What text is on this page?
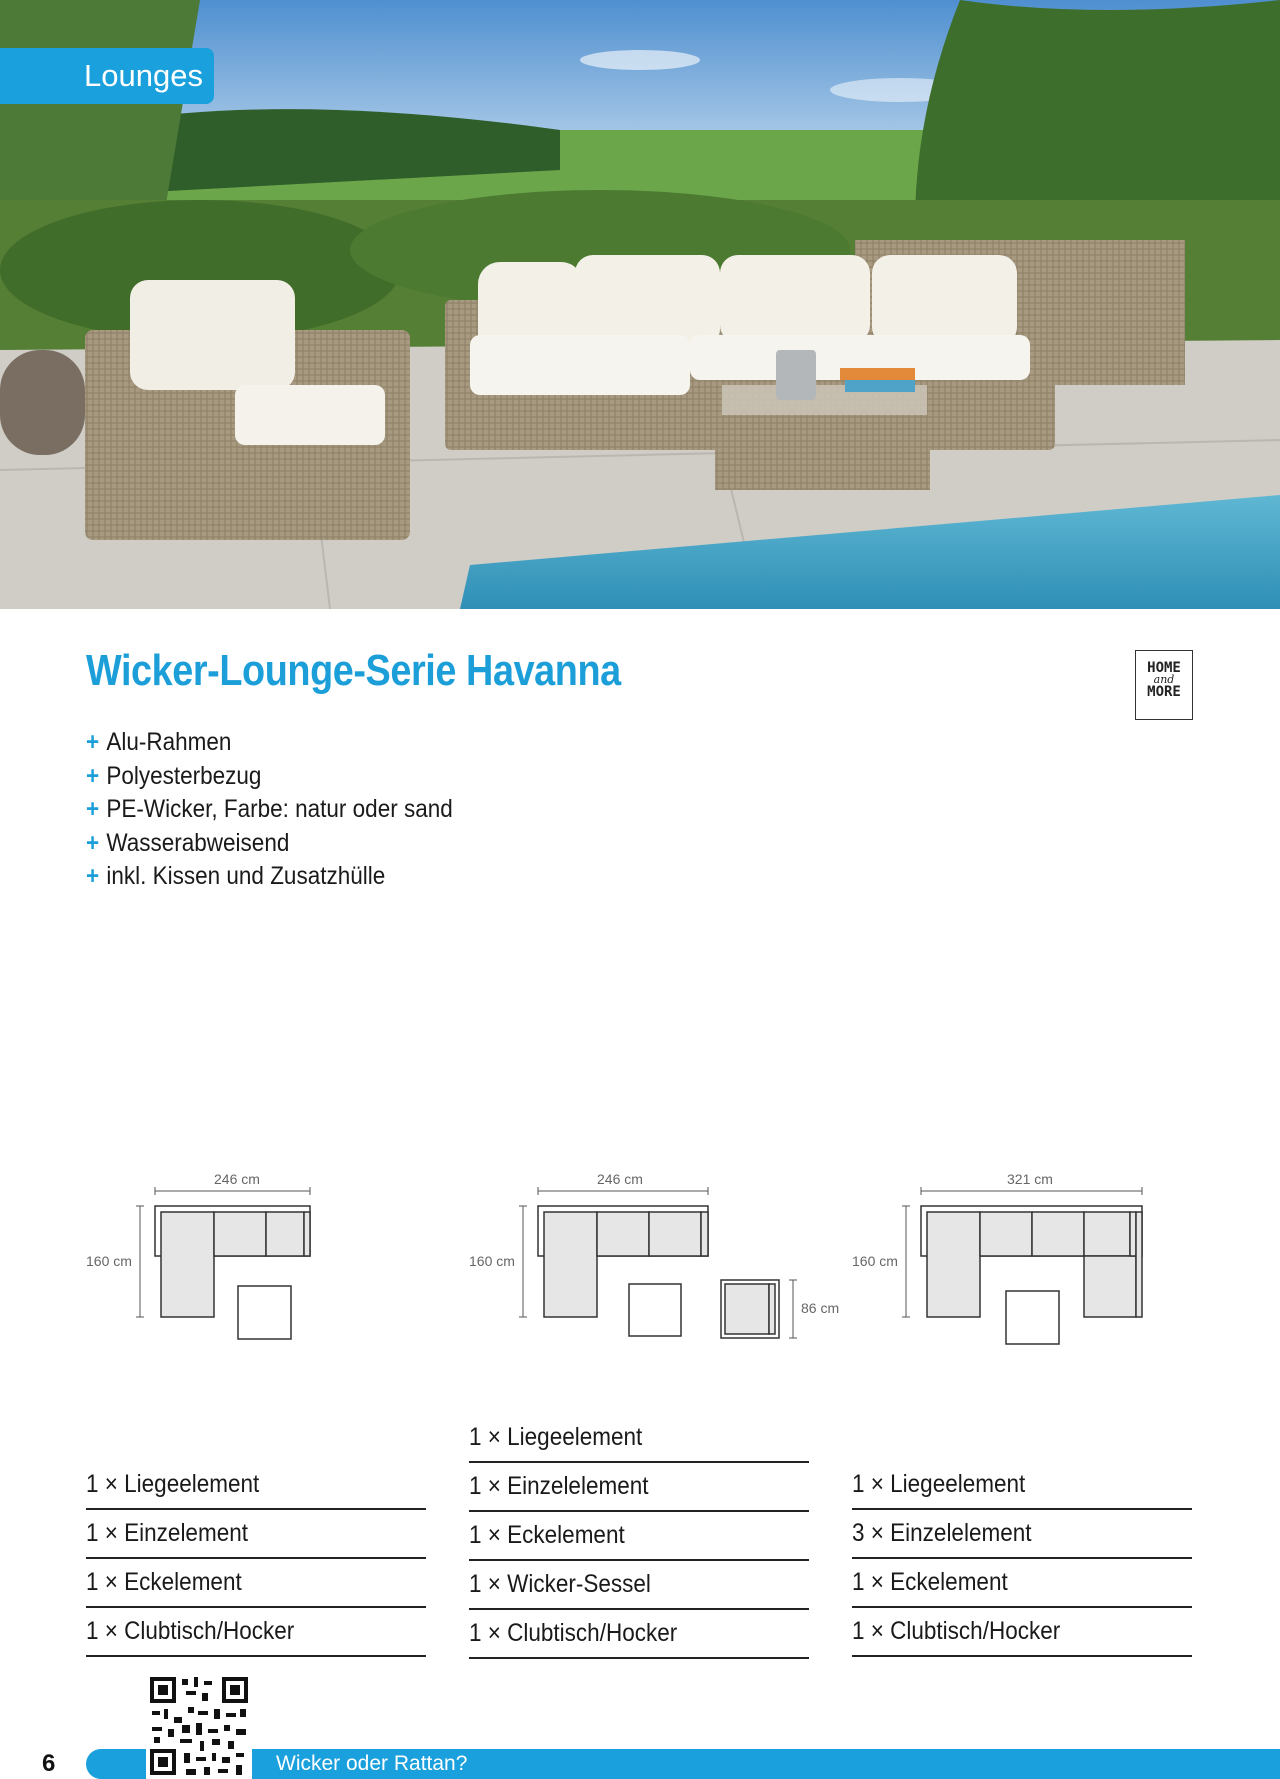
Lounges
Wicker-Lounge-Serie Havanna	HOME
and
MORE
+ Alu-Rahmen
+ Polyesterbezug
+ PE-Wicker, Farbe: natur oder sand
+ Wasserabweisend
+ inkl. Kissen und Zusatzhülle
246 cm
160 cm
246 cm
160 cm
86 cm
321 cm
160 cm
1 × Liegeelement
1 × Einzelement
1 × Eckelement
1 × Clubtisch/Hocker
1 × Liegeelement
1 × Einzelelement
1 × Eckelement
1 × Wicker-Sessel
1 × Clubtisch/Hocker
1 × Liegeelement
3 × Einzelelement
1 × Eckelement
1 × Clubtisch/Hocker
6	Wicker oder Rattan?
